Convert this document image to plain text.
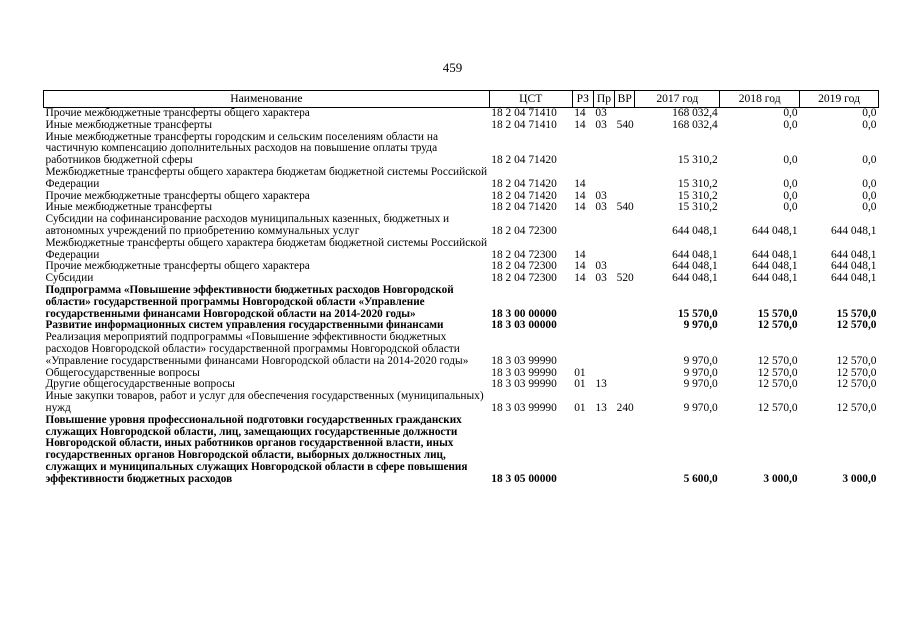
459
Наименование	ЦСТ	РЗ	Пр	ВР	2017 год	2018 год	2019 год
Прочие межбюджетные трансферты общего характера	18 2 04 71410	14	03		168 032,4	0,0	0,0
Иные межбюджетные трансферты	18 2 04 71410	14	03	540	168 032,4	0,0	0,0
Иные межбюджетные трансферты городским и сельским поселениям области на частичную компенсацию дополнительных расходов на повышение оплаты труда работников бюджетной сферы	18 2 04 71420				15 310,2	0,0	0,0
Межбюджетные трансферты общего характера бюджетам бюджетной системы Российской Федерации	18 2 04 71420	14			15 310,2	0,0	0,0
Прочие межбюджетные трансферты общего характера	18 2 04 71420	14	03		15 310,2	0,0	0,0
Иные межбюджетные трансферты	18 2 04 71420	14	03	540	15 310,2	0,0	0,0
Субсидии на софинансирование расходов муниципальных казенных, бюджетных и автономных учреждений по приобретению коммунальных услуг	18 2 04 72300				644 048,1	644 048,1	644 048,1
Межбюджетные трансферты общего характера бюджетам бюджетной системы Российской Федерации	18 2 04 72300	14			644 048,1	644 048,1	644 048,1
Прочие межбюджетные трансферты общего характера	18 2 04 72300	14	03		644 048,1	644 048,1	644 048,1
Субсидии	18 2 04 72300	14	03	520	644 048,1	644 048,1	644 048,1
Подпрограмма «Повышение эффективности бюджетных расходов Новгородской области» государственной программы Новгородской области «Управление государственными финансами Новгородской области на 2014-2020 годы»	18 3 00 00000				15 570,0	15 570,0	15 570,0
Развитие информационных систем управления государственными финансами	18 3 03 00000				9 970,0	12 570,0	12 570,0
Реализация мероприятий подпрограммы «Повышение эффективности бюджетных расходов Новгородской области» государственной программы Новгородской области «Управление государственными финансами Новгородской области на 2014-2020 годы»	18 3 03 99990				9 970,0	12 570,0	12 570,0
Общегосударственные вопросы	18 3 03 99990	01			9 970,0	12 570,0	12 570,0
Другие общегосударственные вопросы	18 3 03 99990	01	13		9 970,0	12 570,0	12 570,0
Иные закупки товаров, работ и услуг для обеспечения государственных (муниципальных) нужд	18 3 03 99990	01	13	240	9 970,0	12 570,0	12 570,0
Повышение уровня профессиональной подготовки государственных гражданских служащих Новгородской области, лиц, замещающих государственные должности Новгородской области, иных работников органов государственной власти, иных государственных органов Новгородской области, выборных должностных лиц, служащих и муниципальных служащих Новгородской области в сфере повышения эффективности бюджетных расходов	18 3 05 00000				5 600,0	3 000,0	3 000,0
